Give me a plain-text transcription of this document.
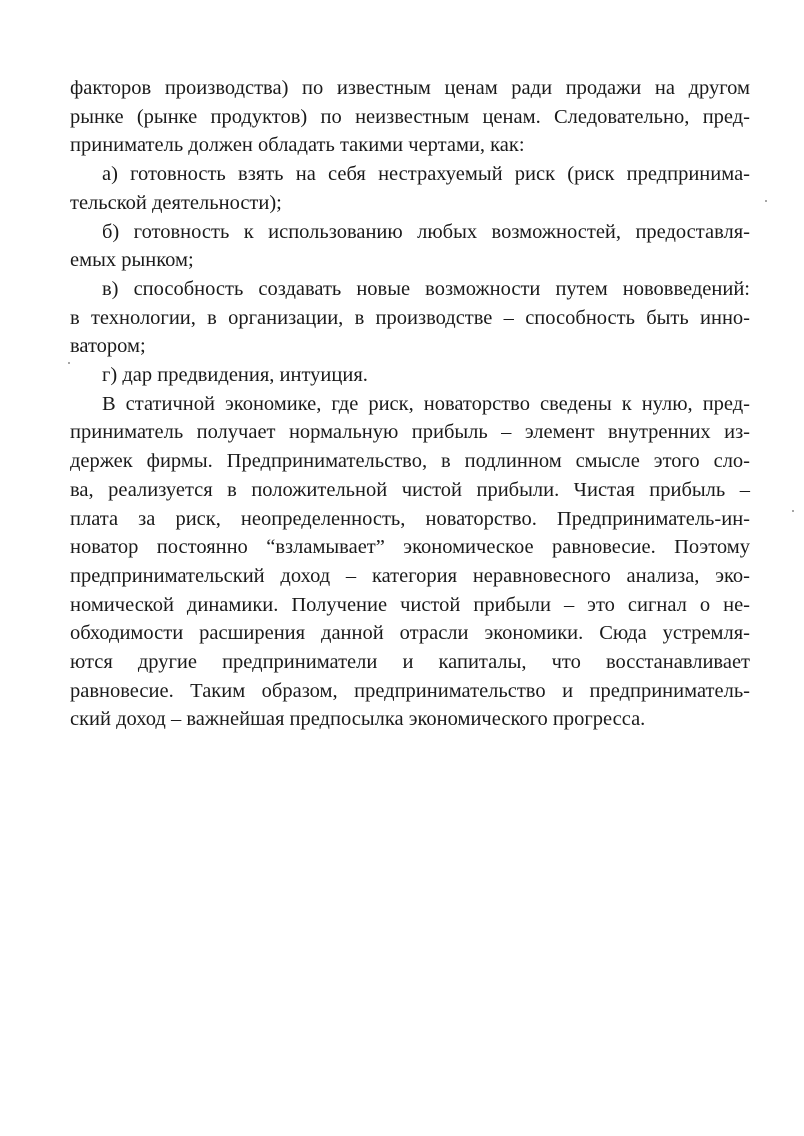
факторов производства) по известным ценам ради продажи на другом
рынке (рынке продуктов) по неизвестным ценам. Следовательно, пред-
приниматель должен обладать такими чертами, как:
а) готовность взять на себя нестрахуемый риск (риск предпринима-
тельской деятельности);
б) готовность к использованию любых возможностей, предоставля-
емых рынком;
в) способность создавать новые возможности путем нововведений:
в технологии, в организации, в производстве – способность быть инно-
ватором;
г) дар предвидения, интуиция.
В статичной экономике, где риск, новаторство сведены к нулю, пред-
приниматель получает нормальную прибыль – элемент внутренних из-
держек фирмы. Предпринимательство, в подлинном смысле этого сло-
ва, реализуется в положительной чистой прибыли. Чистая прибыль –
плата за риск, неопределенность, новаторство. Предприниматель-ин-
новатор постоянно “взламывает” экономическое равновесие. Поэтому
предпринимательский доход – категория неравновесного анализа, эко-
номической динамики. Получение чистой прибыли – это сигнал о не-
обходимости расширения данной отрасли экономики. Сюда устремля-
ются другие предприниматели и капиталы, что восстанавливает
равновесие. Таким образом, предпринимательство и предприниматель-
ский доход – важнейшая предпосылка экономического прогресса.
